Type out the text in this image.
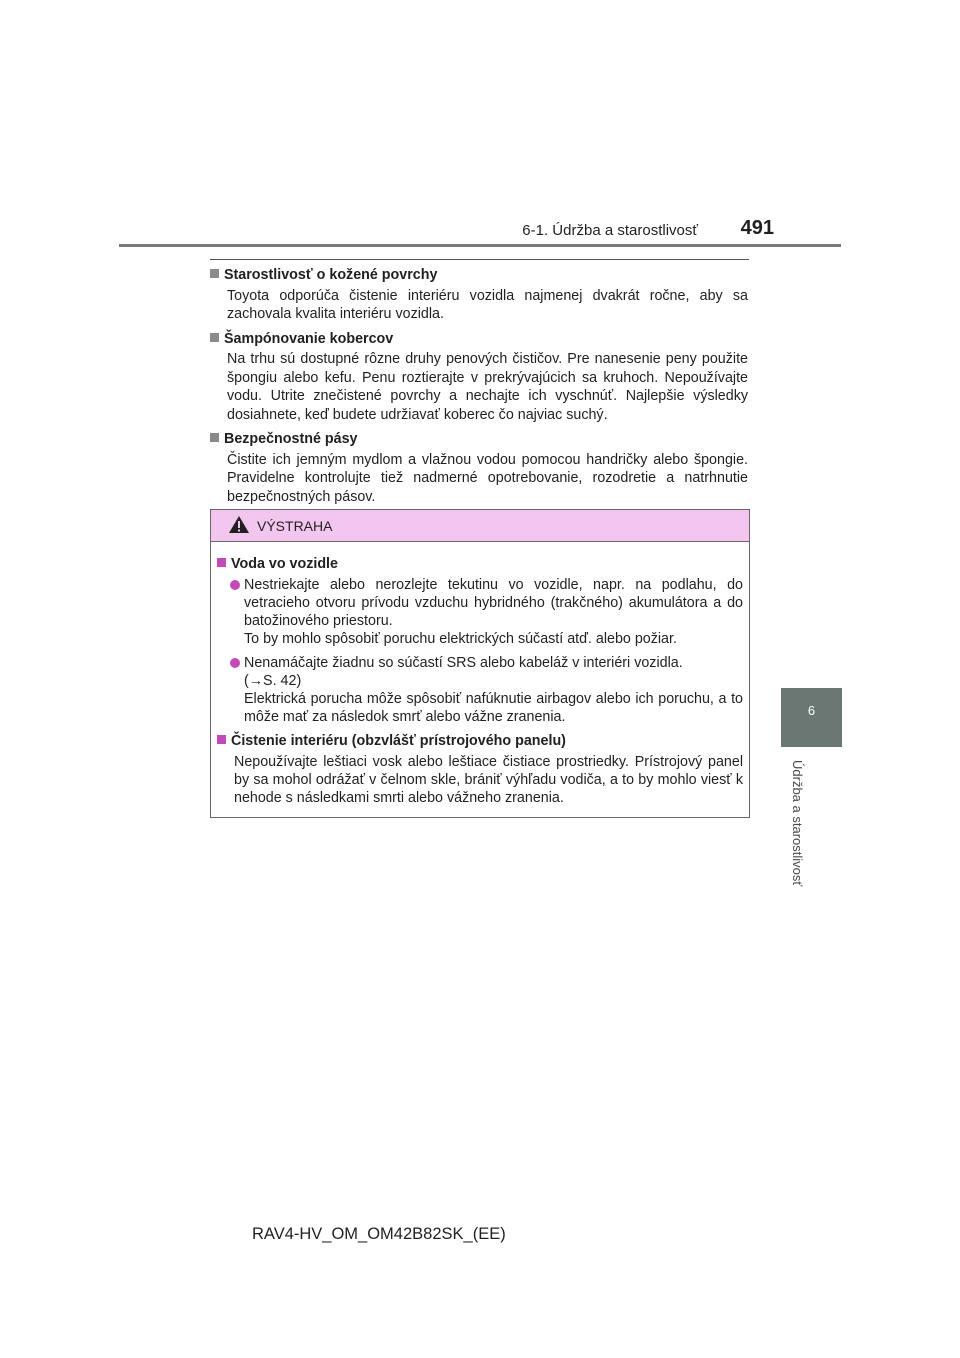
6-1. Údržba a starostlivosť	491
6
Údržba a starostlivosť
Starostlivosť o kožené povrchy
Toyota odporúča čistenie interiéru vozidla najmenej dvakrát ročne, aby sa zachovala kvalita interiéru vozidla.
Šampónovanie kobercov
Na trhu sú dostupné rôzne druhy penových čističov. Pre nanesenie peny použite špongiu alebo kefu. Penu roztierajte v prekrývajúcich sa kruhoch. Nepoužívajte vodu. Utrite znečistené povrchy a nechajte ich vyschnúť. Najlepšie výsledky dosiahnete, keď budete udržiavať koberec čo najviac suchý.
Bezpečnostné pásy
Čistite ich jemným mydlom a vlažnou vodou pomocou handričky alebo špongie. Pravidelne kontrolujte tiež nadmerné opotrebovanie, rozodretie a natrhnutie bezpečnostných pásov.
VÝSTRAHA
Voda vo vozidle
Nestriekajte alebo nerozlejte tekutinu vo vozidle, napr. na podlahu, do vetracieho otvoru prívodu vzduchu hybridného (trakčného) akumulátora a do batožinového priestoru.
To by mohlo spôsobiť poruchu elektrických súčastí atď. alebo požiar.
Nenamáčajte žiadnu so súčastí SRS alebo kabeláž v interiéri vozidla.
(→S. 42)
Elektrická porucha môže spôsobiť nafúknutie airbagov alebo ich poruchu, a to môže mať za následok smrť alebo vážne zranenia.
Čistenie interiéru (obzvlášť prístrojového panelu)
Nepoužívajte leštiaci vosk alebo leštiace čistiace prostriedky. Prístrojový panel by sa mohol odrážať v čelnom skle, brániť výhľadu vodiča, a to by mohlo viesť k nehode s následkami smrti alebo vážneho zranenia.
RAV4-HV_OM_OM42B82SK_(EE)
